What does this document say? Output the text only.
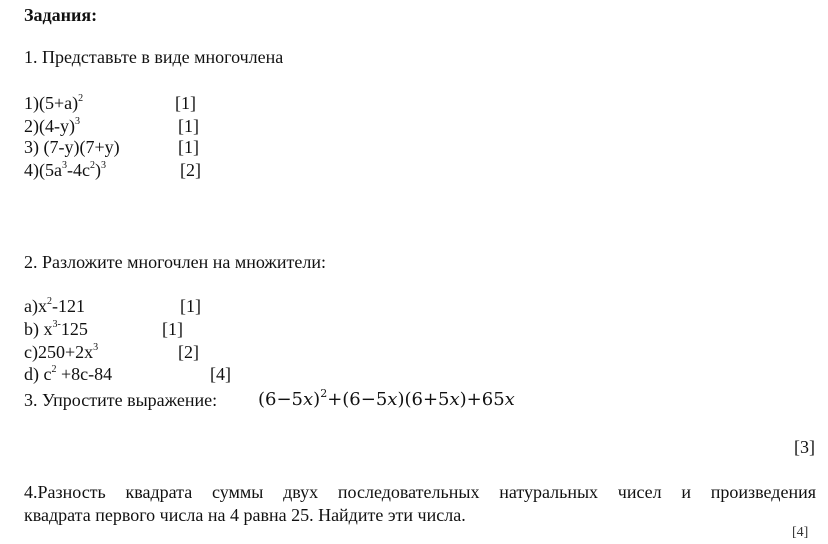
Задания:
1. Представьте в виде многочлена
$1)(5+a)^2$	[1]
$2)(4-y)^3$	[1]
3) (7-y)(7+y)	[1]
$4)(5a^3-4c^2)^3$	[2]
2. Разложите многочлен на множители:
$a)x^2-121$	[1]
b) $x^{3-}125$	[1]
$c)250+2x^3$	[2]
d) $c^2 +8c-84$	[4]
3. Упростите выражение: $(6-5x)^2+(6-5x)(6+5x)+65x$
[3]
4.Разность квадрата суммы двух последовательных натуральных чисел и произведения
квадрата первого числа на 4 равна 25. Найдите эти числа.
[4]
